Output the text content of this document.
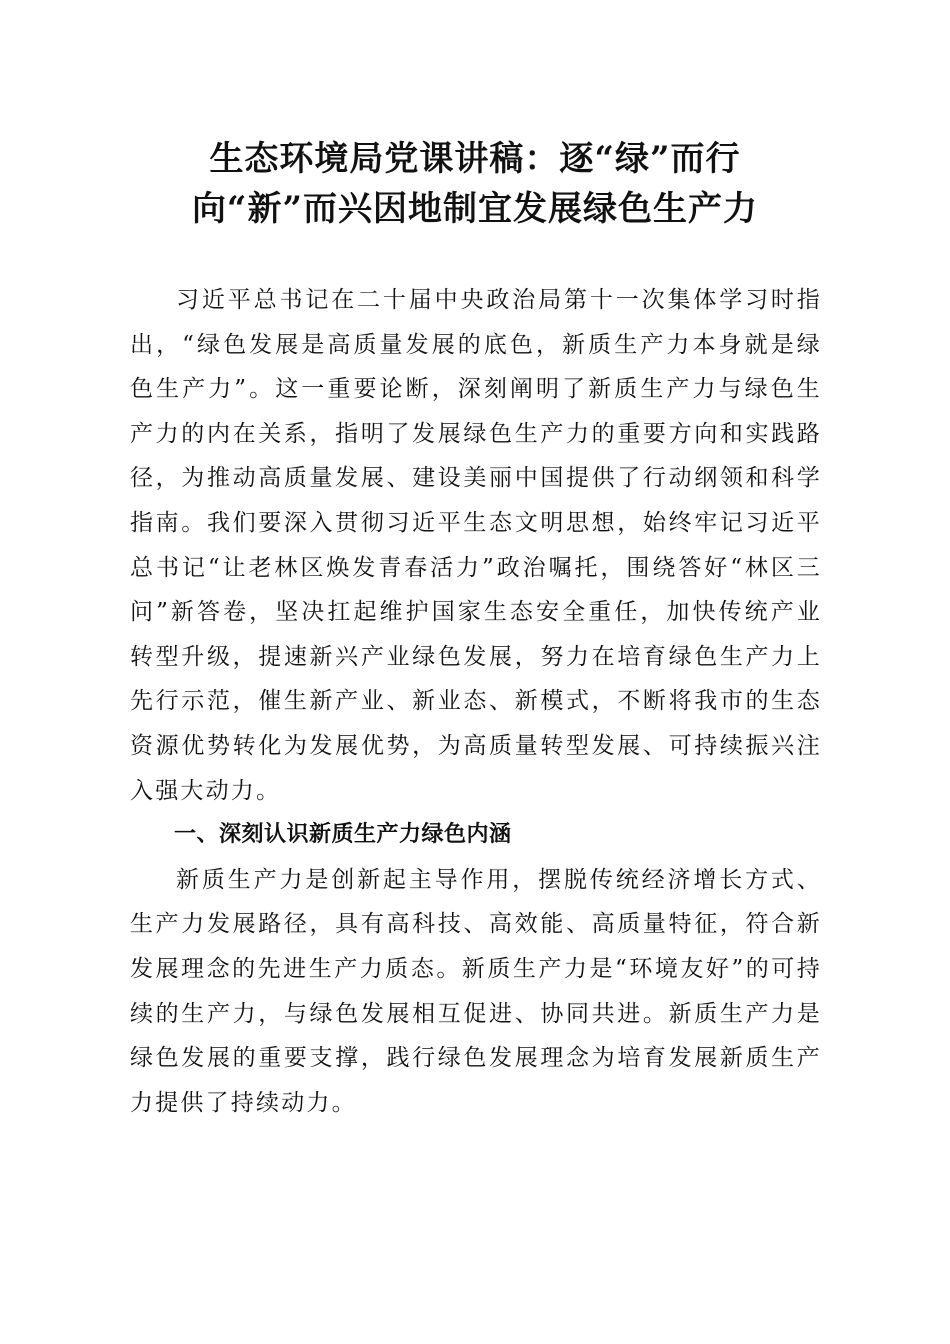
生态环境局党课讲稿：逐“绿”而行
向“新”而兴因地制宜发展绿色生产力

习近平总书记在二十届中央政治局第十一次集体学习时指出，“绿色发展是高质量发展的底色，新质生产力本身就是绿色生产力”。这一重要论断，深刻阐明了新质生产力与绿色生产力的内在关系，指明了发展绿色生产力的重要方向和实践路径，为推动高质量发展、建设美丽中国提供了行动纲领和科学指南。我们要深入贯彻习近平生态文明思想，始终牢记习近平总书记“让老林区焕发青春活力”政治嘱托，围绕答好“林区三问”新答卷，坚决扛起维护国家生态安全重任，加快传统产业转型升级，提速新兴产业绿色发展，努力在培育绿色生产力上先行示范，催生新产业、新业态、新模式，不断将我市的生态资源优势转化为发展优势，为高质量转型发展、可持续振兴注入强大动力。

一、深刻认识新质生产力绿色内涵

新质生产力是创新起主导作用，摆脱传统经济增长方式、生产力发展路径，具有高科技、高效能、高质量特征，符合新发展理念的先进生产力质态。新质生产力是“环境友好”的可持续的生产力，与绿色发展相互促进、协同共进。新质生产力是绿色发展的重要支撑，践行绿色发展理念为培育发展新质生产力提供了持续动力。
